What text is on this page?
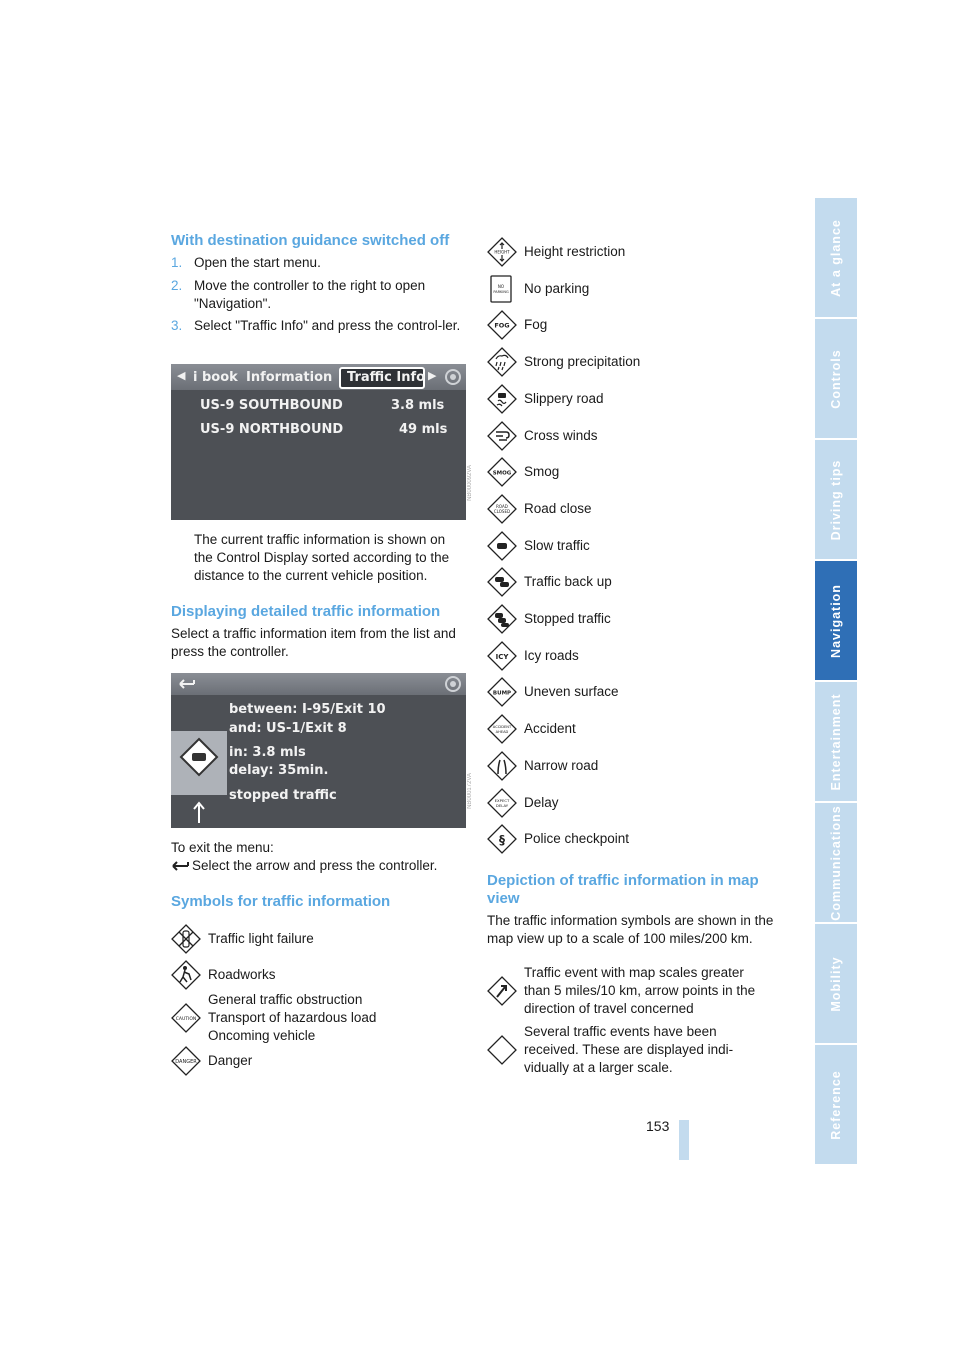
With destination guidance switched off
1. Open the start menu.
2. Move the controller to the right to open "Navigation".
3. Select "Traffic Info" and press the control-ler.
◀ i book Information Traffic Info ▶
US-9 SOUTHBOUND	3.8 mls
US-9 NORTHBOUND	49 mls
NB000092VA

The current traffic information is shown on the Control Display sorted according to the distance to the current vehicle position.

Displaying detailed traffic information

Select a traffic information item from the list and press the controller.

between: I-95/Exit 10
and: US-1/Exit 8
in: 3.8 mls
delay: 35min.
stopped traffic	NB000172VA

To exit the menu:

Select the arrow and press the controller.

Symbols for traffic information
Traffic light failure
Roadworks
CAUTION
General traffic obstruction
Transport of hazardous load
Oncoming vehicle
DANGER Danger
HEIGHT Height restriction
NO
PARKING No parking
FOG Fog
Strong precipitation
Slippery road
Cross winds
SMOG Smog
ROAD
CLOSED Road close
Slow traffic
Traffic back up
Stopped traffic
ICY Icy roads
BUMP Uneven surface
ACCIDENT
AHEAD Accident
Narrow road
EXPECT
DELAY Delay
§ Police checkpoint
Depiction of traffic information in map view

The traffic information symbols are shown in the map view up to a scale of 100 miles/200 km.

Traffic event with map scales greater than 5 miles/10 km, arrow points in the direction of travel concerned
Several traffic events have been received. These are displayed indi-vidually at a larger scale.
153
At a glance
Controls
Driving tips
Navigation
Entertainment
Communications
Mobility
Reference
